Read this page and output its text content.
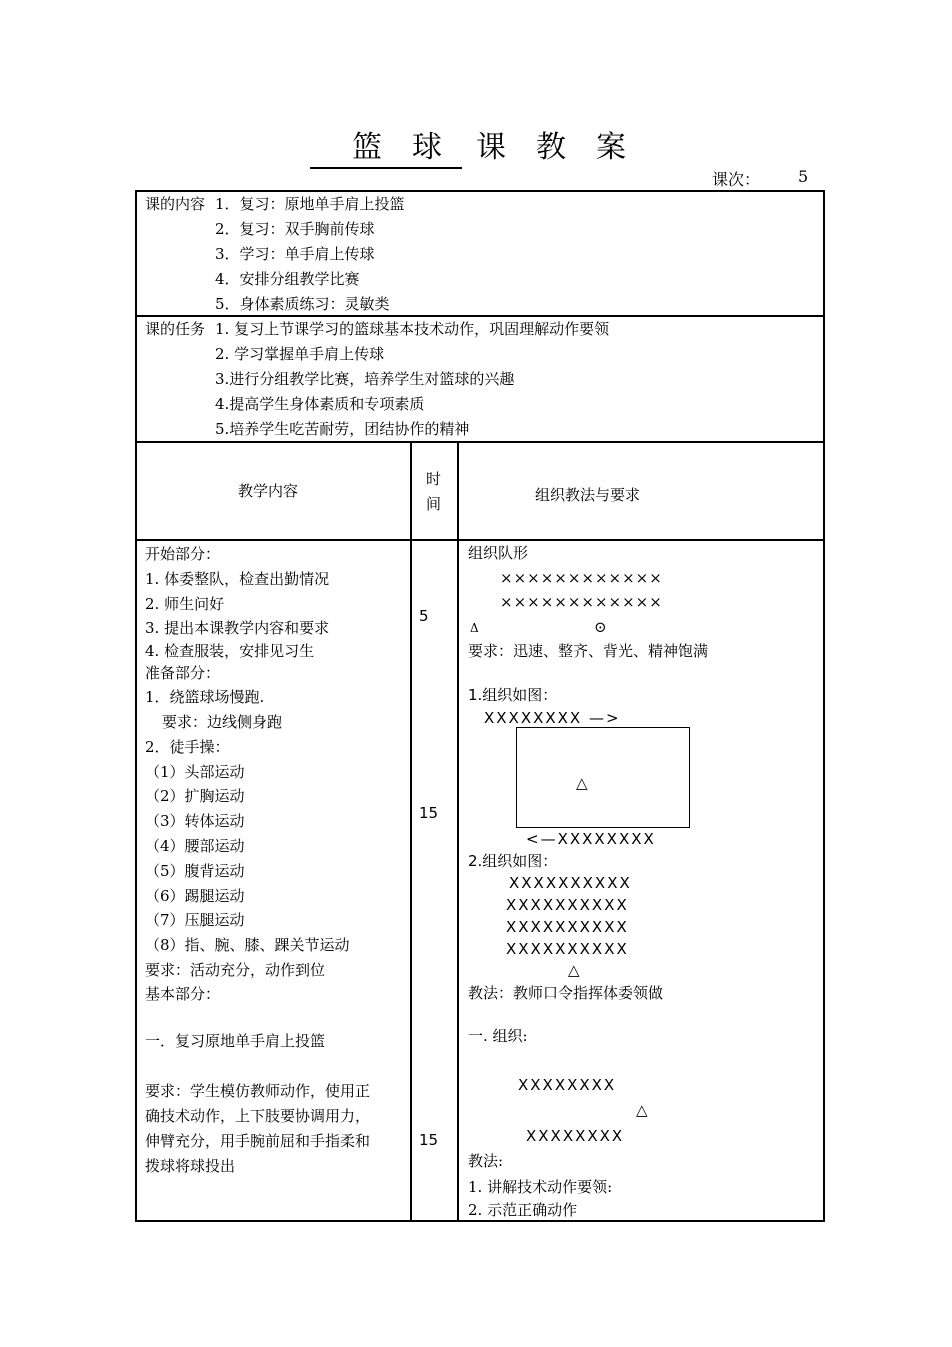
篮 球 课 教 案
课次： 5
课的内容 1．复习：原地单手肩上投篮
2．复习：双手胸前传球
3．学习：单手肩上传球
4．安排分组教学比赛
5．身体素质练习：灵敏类
课的任务 1. 复习上节课学习的篮球基本技术动作，巩固理解动作要领
2. 学习掌握单手肩上传球
3.进行分组教学比赛，培养学生对篮球的兴趣
4.提高学生身体素质和专项素质
5.培养学生吃苦耐劳，团结协作的精神
教学内容
时
间	组织教法与要求
开始部分：
1. 体委整队，检查出勤情况
2. 师生问好
3. 提出本课教学内容和要求
4. 检查服装，安排见习生
准备部分：
1．绕篮球场慢跑.
要求：边线侧身跑
2．徒手操：
（1）头部运动
（2）扩胸运动
（3）转体运动
（4）腰部运动
（5）腹背运动
（6）踢腿运动
（7）压腿运动
（8）指、腕、膝、踝关节运动
要求：活动充分，动作到位
基本部分：
一．复习原地单手肩上投篮
要求：学生模仿教师动作，使用正
确技术动作，上下肢要协调用力，
伸臂充分，用手腕前屈和手指柔和
拨球将球投出
5
15
15
组织队形
××××××××××××
××××××××××××
Δ	⊙
要求：迅速、整齐、背光、精神饱满
1.组织如图：
XXXXXXXX —>
△
<—XXXXXXXX
2.组织如图：
XXXXXXXXXX
XXXXXXXXXX
XXXXXXXXXX
XXXXXXXXXX
△
教法：教师口令指挥体委领做
一. 组织:
XXXXXXXX
△
XXXXXXXX
教法:
1. 讲解技术动作要领:
2. 示范正确动作
